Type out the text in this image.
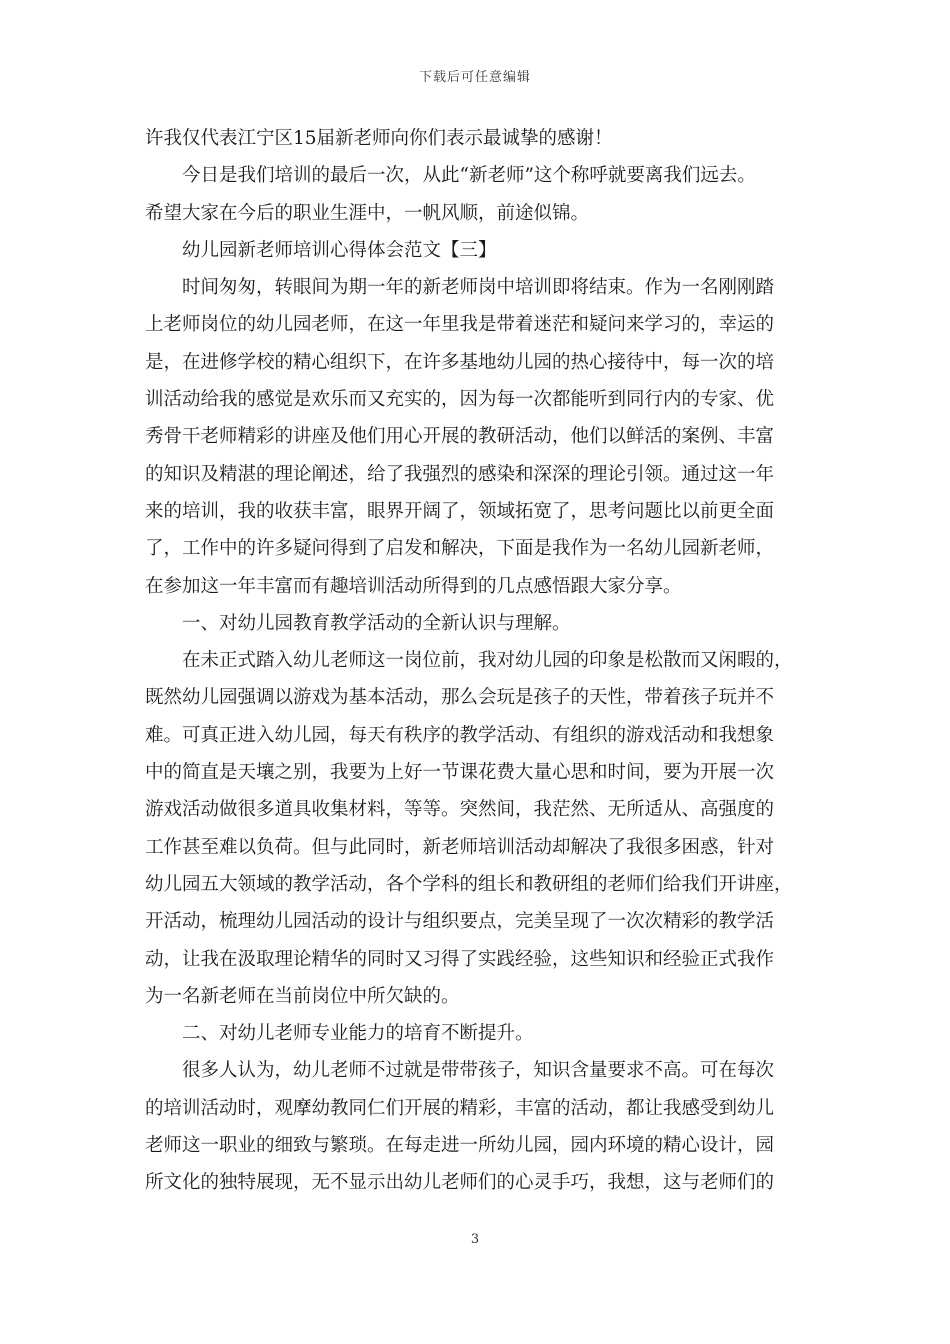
下载后可任意编辑
许我仅代表江宁区15届新老师向你们表示最诚挚的感谢！
今日是我们培训的最后一次，从此“新老师”这个称呼就要离我们远去。
希望大家在今后的职业生涯中，一帆风顺，前途似锦。
幼儿园新老师培训心得体会范文【三】
时间匆匆，转眼间为期一年的新老师岗中培训即将结束。作为一名刚刚踏
上老师岗位的幼儿园老师，在这一年里我是带着迷茫和疑问来学习的，幸运的
是，在进修学校的精心组织下，在许多基地幼儿园的热心接待中，每一次的培
训活动给我的感觉是欢乐而又充实的，因为每一次都能听到同行内的专家、优
秀骨干老师精彩的讲座及他们用心开展的教研活动，他们以鲜活的案例、丰富
的知识及精湛的理论阐述，给了我强烈的感染和深深的理论引领。通过这一年
来的培训，我的收获丰富，眼界开阔了，领域拓宽了，思考问题比以前更全面
了，工作中的许多疑问得到了启发和解决，下面是我作为一名幼儿园新老师，
在参加这一年丰富而有趣培训活动所得到的几点感悟跟大家分享。
一、对幼儿园教育教学活动的全新认识与理解。
在未正式踏入幼儿老师这一岗位前，我对幼儿园的印象是松散而又闲暇的，
既然幼儿园强调以游戏为基本活动，那么会玩是孩子的天性，带着孩子玩并不
难。可真正进入幼儿园，每天有秩序的教学活动、有组织的游戏活动和我想象
中的简直是天壤之别，我要为上好一节课花费大量心思和时间，要为开展一次
游戏活动做很多道具收集材料，等等。突然间，我茫然、无所适从、高强度的
工作甚至难以负荷。但与此同时，新老师培训活动却解决了我很多困惑，针对
幼儿园五大领域的教学活动，各个学科的组长和教研组的老师们给我们开讲座，
开活动，梳理幼儿园活动的设计与组织要点，完美呈现了一次次精彩的教学活
动，让我在汲取理论精华的同时又习得了实践经验，这些知识和经验正式我作
为一名新老师在当前岗位中所欠缺的。
二、对幼儿老师专业能力的培育不断提升。
很多人认为，幼儿老师不过就是带带孩子，知识含量要求不高。可在每次
的培训活动时，观摩幼教同仁们开展的精彩，丰富的活动，都让我感受到幼儿
老师这一职业的细致与繁琐。在每走进一所幼儿园，园内环境的精心设计，园
所文化的独特展现，无不显示出幼儿老师们的心灵手巧，我想，这与老师们的
3
